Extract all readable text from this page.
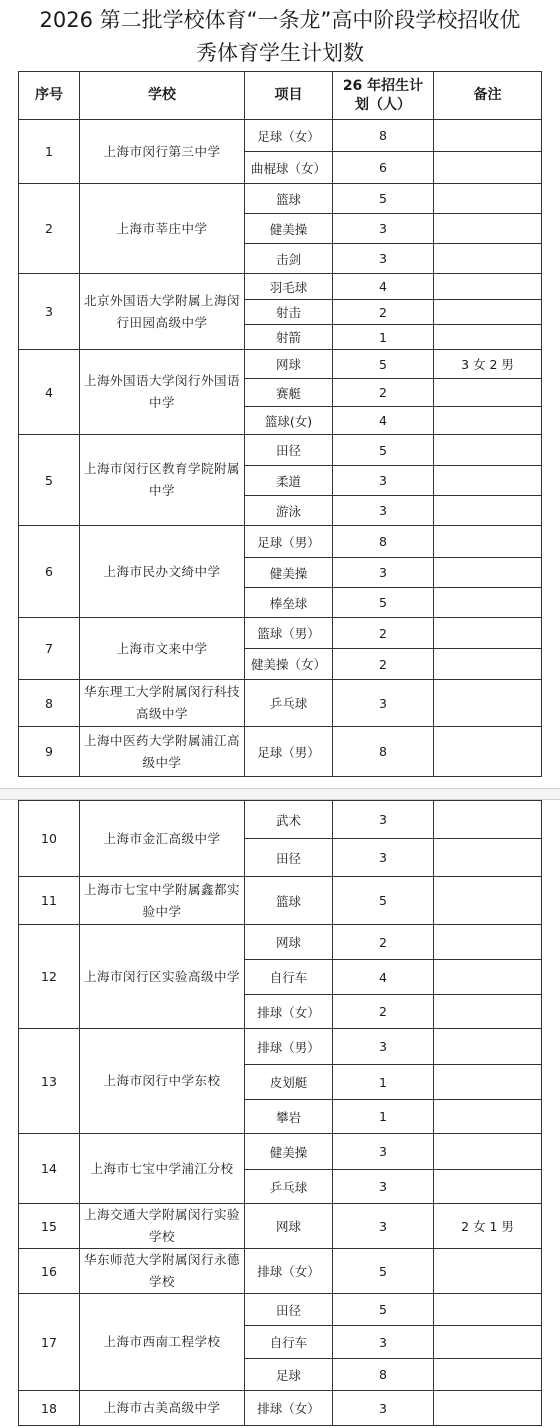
2026 第二批学校体育“一条龙”高中阶段学校招收优
秀体育学生计划数
序号	学校	项目	26 年招生计划（人）	备注
1	上海市闵行第三中学	足球（女）	8	
		曲棍球（女）	6	
2	上海市莘庄中学	篮球	5	
		健美操	3	
		击剑	3	
3	北京外国语大学附属上海闵行田园高级中学	羽毛球	4	
		射击	2	
		射箭	1	
4	上海外国语大学闵行外国语中学	网球	5	3 女 2 男
		赛艇	2	
		篮球(女)	4	
5	上海市闵行区教育学院附属中学	田径	5	
		柔道	3	
		游泳	3	
6	上海市民办文绮中学	足球（男）	8	
		健美操	3	
		棒垒球	5	
7	上海市文来中学	篮球（男）	2	
		健美操（女）	2	
8	华东理工大学附属闵行科技高级中学	乒乓球	3	
9	上海中医药大学附属浦江高级中学	足球（男）	8	
10	上海市金汇高级中学	武术	3	
		田径	3	
11	上海市七宝中学附属鑫都实验中学	篮球	5	
12	上海市闵行区实验高级中学	网球	2	
		自行车	4	
		排球（女）	2	
13	上海市闵行中学东校	排球（男）	3	
		皮划艇	1	
		攀岩	1	
14	上海市七宝中学浦江分校	健美操	3	
		乒乓球	3	
15	上海交通大学附属闵行实验学校	网球	3	2 女 1 男
16	华东师范大学附属闵行永德学校	排球（女）	5	
17	上海市西南工程学校	田径	5	
		自行车	3	
		足球	8	
18	上海市古美高级中学	排球（女）	3	
